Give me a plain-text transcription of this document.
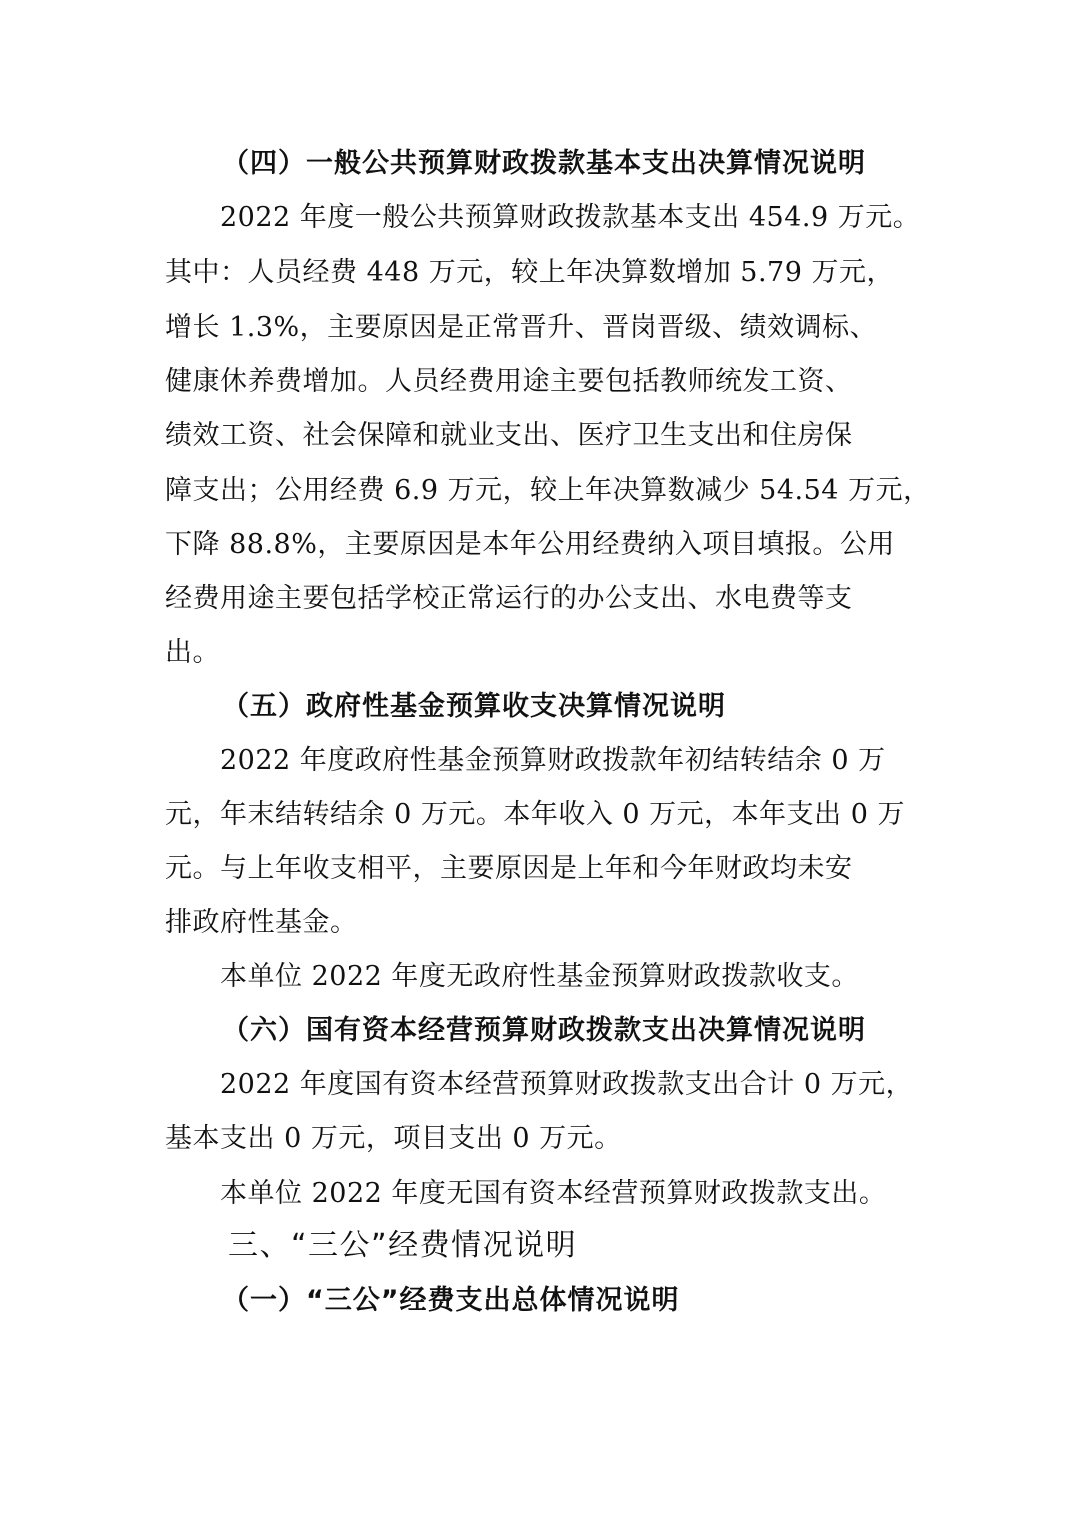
（四）一般公共预算财政拨款基本支出决算情况说明
2022 年度一般公共预算财政拨款基本支出 454.9 万元。
其中：人员经费 448 万元，较上年决算数增加 5.79 万元，
增长 1.3%，主要原因是正常晋升、晋岗晋级、绩效调标、
健康休养费增加。人员经费用途主要包括教师统发工资、
绩效工资、社会保障和就业支出、医疗卫生支出和住房保
障支出；公用经费 6.9 万元，较上年决算数减少 54.54 万元，
下降 88.8%，主要原因是本年公用经费纳入项目填报。公用
经费用途主要包括学校正常运行的办公支出、水电费等支
出。
（五）政府性基金预算收支决算情况说明
2022 年度政府性基金预算财政拨款年初结转结余 0 万
元，年末结转结余 0 万元。本年收入 0 万元，本年支出 0 万
元。与上年收支相平，主要原因是上年和今年财政均未安
排政府性基金。
本单位 2022 年度无政府性基金预算财政拨款收支。
（六）国有资本经营预算财政拨款支出决算情况说明
2022 年度国有资本经营预算财政拨款支出合计 0 万元，
基本支出 0 万元，项目支出 0 万元。
本单位 2022 年度无国有资本经营预算财政拨款支出。
三、“三公”经费情况说明
（一）“三公”经费支出总体情况说明
